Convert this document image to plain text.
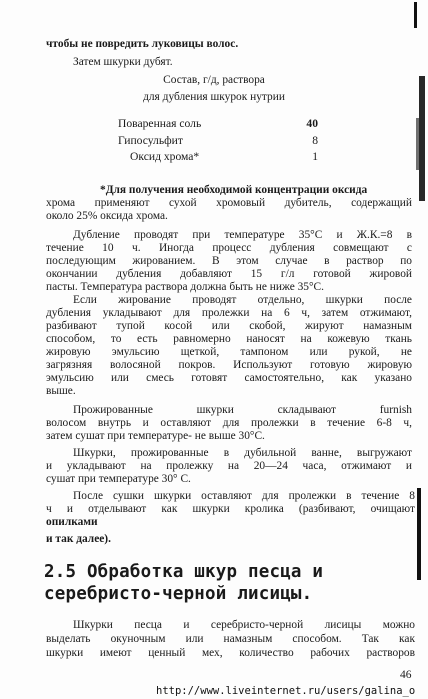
чтобы не повредить луковицы волос.
Затем шкурки дубят.
Состав, г/д, раствора
для дубления шкурок нутрии
Поваренная соль	40
Гипосульфит	8
Оксид хрома*	1
*Для получения необходимой концентрации оксида
хрома применяют сухой хромовый дубитель, содержащий
около 25% оксида хрома.
Дубление проводят при температуре 35°С и Ж.К.=8 в
течение 10 ч. Иногда процесс дубления совмещают с
последующим жированием. В этом случае в раствор по
окончании дубления добавляют 15 г/л готовой жировой
пасты. Температура раствора должна быть не ниже 35°С.
Если жирование проводят отдельно, шкурки после
дубления укладывают для пролежки на 6 ч, затем отжимают,
разбивают тупой косой или скобой, жируют намазным
способом, то есть равномерно наносят на кожевую ткань
жировую эмульсию щеткой, тампоном или рукой, не
загрязняя волосяной покров. Используют готовую жировую
эмульсию или смесь готовят самостоятельно, как указано
выше.
Прожированные шкурки складывают furnish
волосом внутрь и оставляют для пролежки в течение 6-8 ч,
затем сушат при температуре- не выше 30°С.
Шкурки, прожированные в дубильной ванне, выгружают
и укладывают на пролежку на 20—24 часа, отжимают и
сушат при температуре 30° С.
После сушки шкурки оставляют для пролежки в течение 8
ч и отделывают как шкурки кролика (разбивают, очищают
опилками
и так далее).
2.5 Обработка шкур песца и
серебристо-черной лисицы.
Шкурки песца и серебристо-черной лисицы можно
выделать окуночным или намазным способом. Так как
шкурки имеют ценный мех, количество рабочих растворов
46
http://www.liveinternet.ru/users/galina_o
